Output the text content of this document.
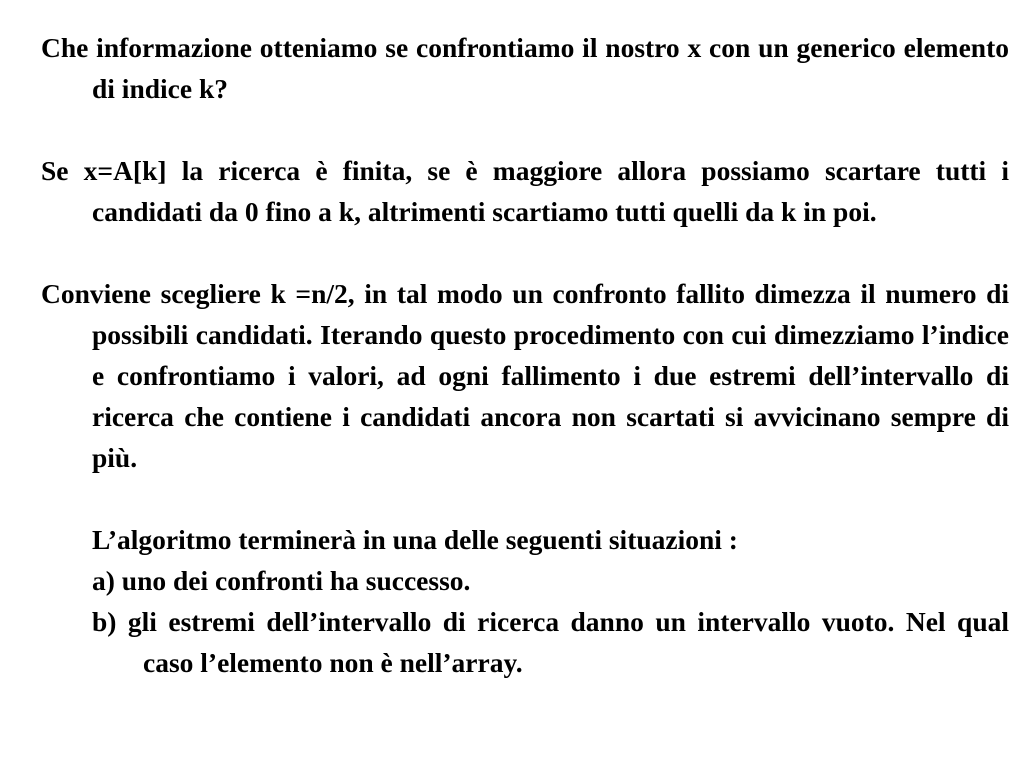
Che informazione otteniamo se confrontiamo il nostro x con un generico elemento di indice k?

Se x=A[k] la ricerca è finita, se è maggiore allora possiamo scartare tutti i candidati da 0 fino a k, altrimenti scartiamo tutti quelli da k in poi.

Conviene scegliere k =n/2, in tal modo un confronto fallito dimezza il numero di possibili candidati. Iterando questo procedimento con cui dimezziamo l’indice e confrontiamo i valori, ad ogni fallimento i due estremi dell’intervallo di ricerca che contiene i candidati ancora non scartati si avvicinano sempre di più.

L’algoritmo terminerà in una delle seguenti situazioni :

a) uno dei confronti ha successo.

b) gli estremi dell’intervallo di ricerca danno un intervallo vuoto. Nel qual caso l’elemento non è nell’array.
